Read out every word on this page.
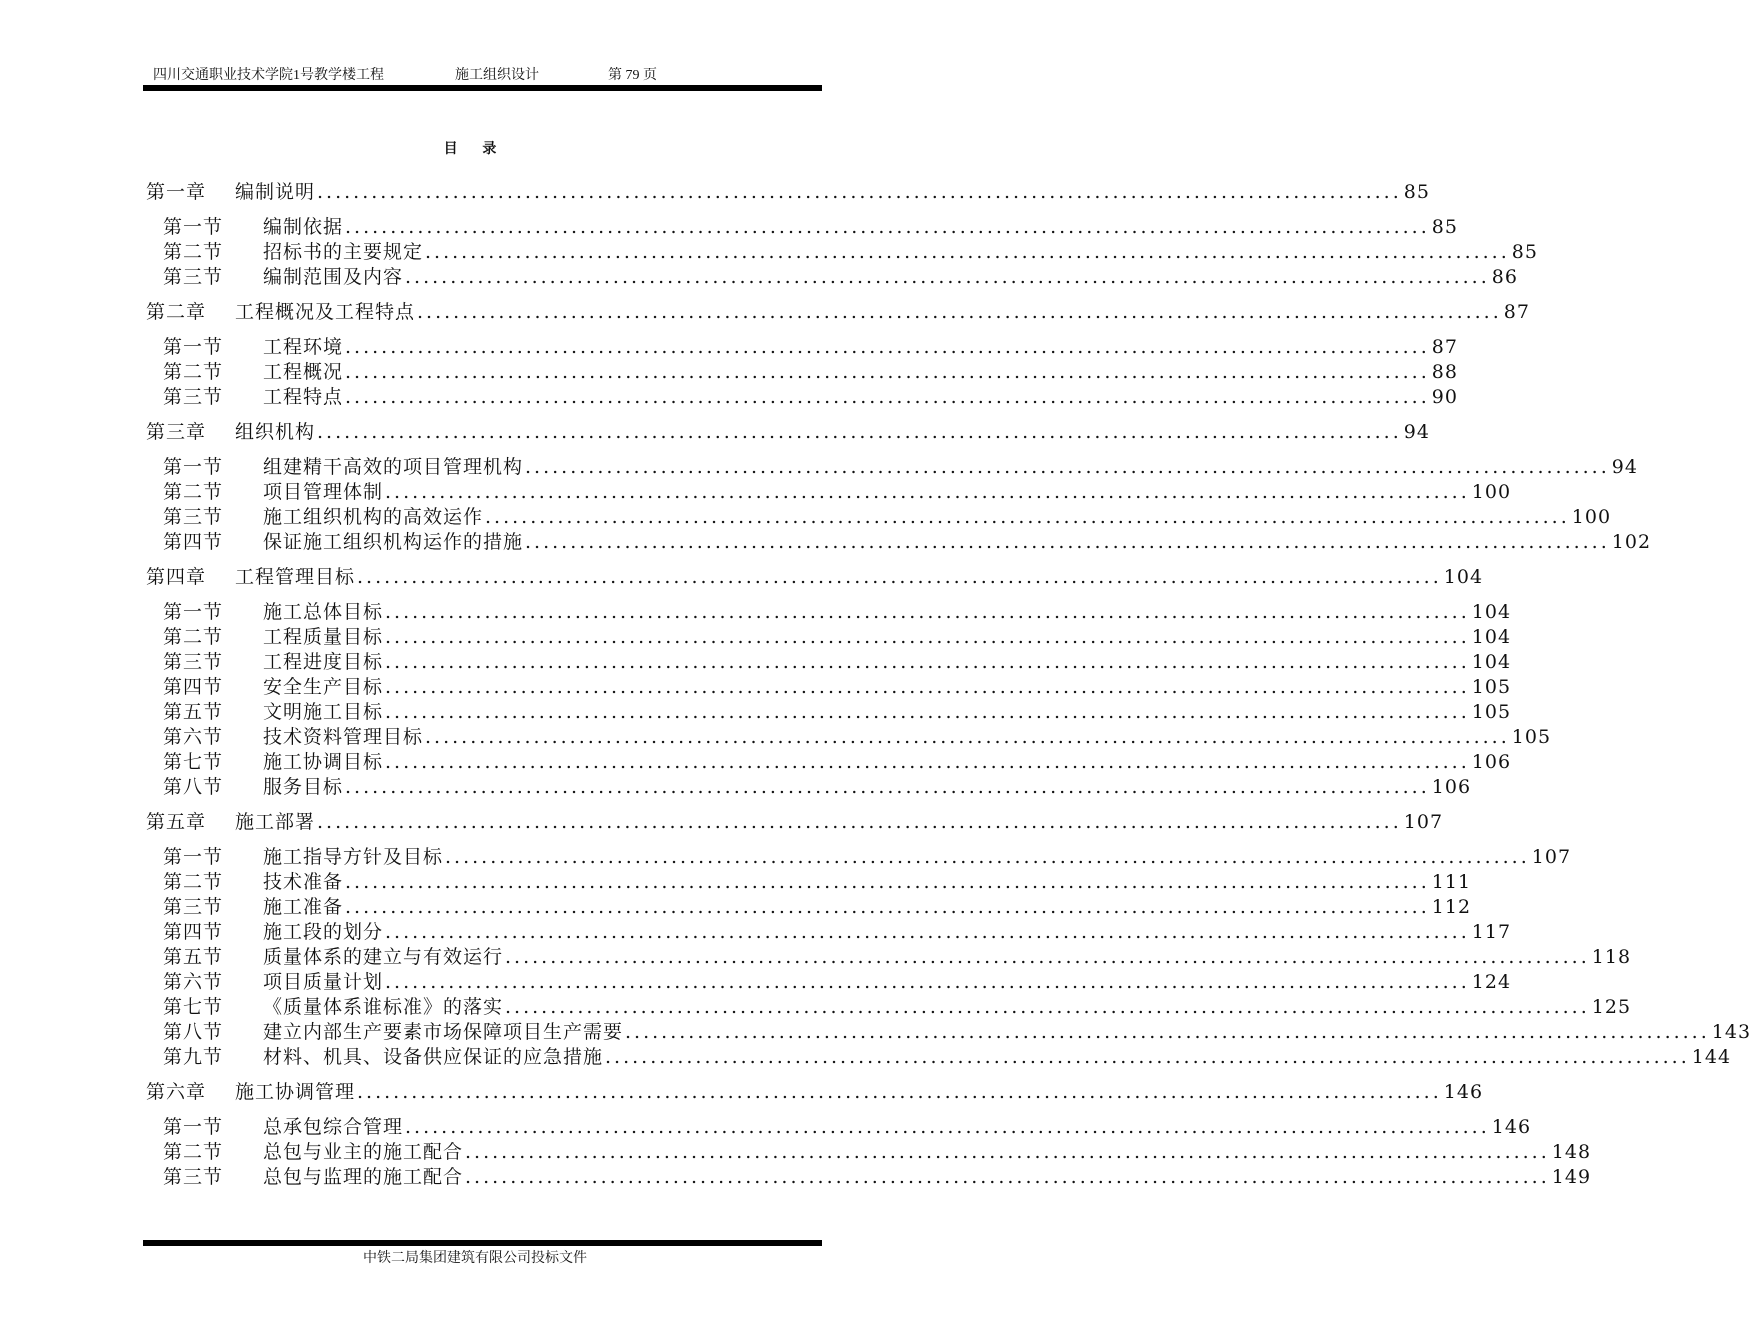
四川交通职业技术学院1号教学楼工程	施工组织设计	第 79 页
目 录
第一章 编制说明 ........................................................................................................................ 85
第一节 编制依据 ........................................................................................................................ 85
第二节 招标书的主要规定 ........................................................................................................................ 85
第三节 编制范围及内容 ........................................................................................................................ 86
第二章 工程概况及工程特点 ........................................................................................................................ 87
第一节 工程环境 ........................................................................................................................ 87
第二节 工程概况 ........................................................................................................................ 88
第三节 工程特点 ........................................................................................................................ 90
第三章 组织机构 ........................................................................................................................ 94
第一节 组建精干高效的项目管理机构 ........................................................................................................................ 94
第二节 项目管理体制 ........................................................................................................................ 100
第三节 施工组织机构的高效运作 ........................................................................................................................ 100
第四节 保证施工组织机构运作的措施 ........................................................................................................................ 102
第四章 工程管理目标 ........................................................................................................................ 104
第一节 施工总体目标 ........................................................................................................................ 104
第二节 工程质量目标 ........................................................................................................................ 104
第三节 工程进度目标 ........................................................................................................................ 104
第四节 安全生产目标 ........................................................................................................................ 105
第五节 文明施工目标 ........................................................................................................................ 105
第六节 技术资料管理目标 ........................................................................................................................ 105
第七节 施工协调目标 ........................................................................................................................ 106
第八节 服务目标 ........................................................................................................................ 106
第五章 施工部署 ........................................................................................................................ 107
第一节 施工指导方针及目标 ........................................................................................................................ 107
第二节 技术准备 ........................................................................................................................ 111
第三节 施工准备 ........................................................................................................................ 112
第四节 施工段的划分 ........................................................................................................................ 117
第五节 质量体系的建立与有效运行 ........................................................................................................................ 118
第六节 项目质量计划 ........................................................................................................................ 124
第七节 《质量体系谁标准》的落实 ........................................................................................................................ 125
第八节 建立内部生产要素市场保障项目生产需要 ........................................................................................................................ 143
第九节 材料、机具、设备供应保证的应急措施 ........................................................................................................................ 144
第六章 施工协调管理 ........................................................................................................................ 146
第一节 总承包综合管理 ........................................................................................................................ 146
第二节 总包与业主的施工配合 ........................................................................................................................ 148
第三节 总包与监理的施工配合 ........................................................................................................................ 149
中铁二局集团建筑有限公司投标文件
